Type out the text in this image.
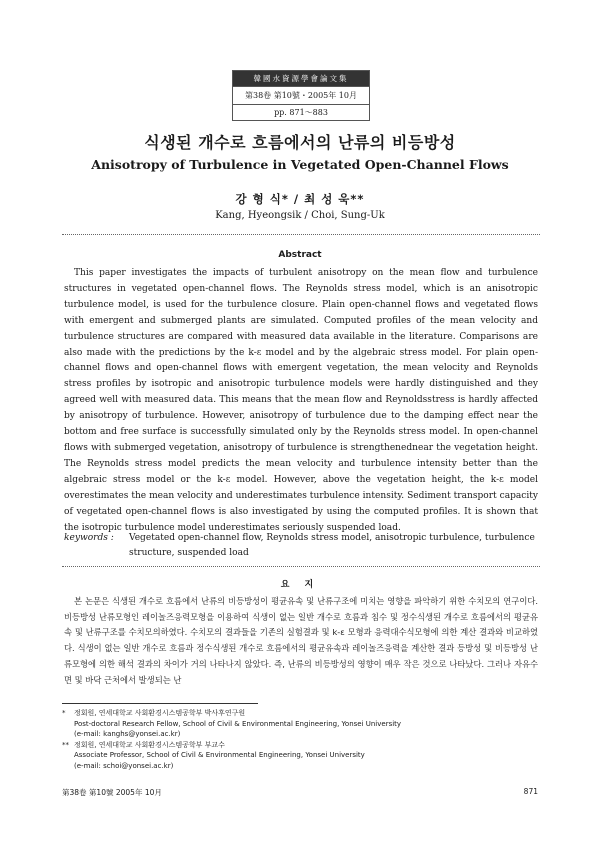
韓國水資源學會論文集
第38卷 第10號・2005年 10月
pp. 871～883
식생된 개수로 흐름에서의 난류의 비등방성
Anisotropy of Turbulence in Vegetated Open-Channel Flows
강 형 식* / 최 성 욱**
Kang, Hyeongsik / Choi, Sung-Uk
Abstract

This paper investigates the impacts of turbulent anisotropy on the mean flow and turbulence structures in vegetated open-channel flows. The Reynolds stress model, which is an anisotropic turbulence model, is used for the turbulence closure. Plain open-channel flows and vegetated flows with emergent and submerged plants are simulated. Computed profiles of the mean velocity and turbulence structures are compared with measured data available in the literature. Comparisons are also made with the predictions by the k-ε model and by the algebraic stress model. For plain open-channel flows and open-channel flows with emergent vegetation, the mean velocity and Reynolds stress profiles by isotropic and anisotropic turbulence models were hardly distinguished and they agreed well with measured data. This means that the mean flow and Reynoldsstress is hardly affected by anisotropy of turbulence. However, anisotropy of turbulence due to the damping effect near the bottom and free surface is successfully simulated only by the Reynolds stress model. In open-channel flows with submerged vegetation, anisotropy of turbulence is strengthenednear the vegetation height. The Reynolds stress model predicts the mean velocity and turbulence intensity better than the algebraic stress model or the k-ε model. However, above the vegetation height, the k-ε model overestimates the mean velocity and underestimates turbulence intensity. Sediment transport capacity of vegetated open-channel flows is also investigated by using the computed profiles. It is shown that the isotropic turbulence model underestimates seriously suspended load.

keywords : Vegetated open-channel flow, Reynolds stress model, anisotropic turbulence, turbulence structure, suspended load
요 지

본 논문은 식생된 개수로 흐름에서 난류의 비등방성이 평균유속 및 난류구조에 미치는 영향을 파악하기 위한 수치모의 연구이다. 비등방성 난류모형인 레이놀즈응력모형을 이용하여 식생이 없는 일반 개수로 흐름과 침수 및 정수식생된 개수로 흐름에서의 평균유속 및 난류구조를 수치모의하였다. 수치모의 결과들을 기존의 실험결과 및 k-ε 모형과 응력대수식모형에 의한 계산 결과와 비교하였다. 식생이 없는 일반 개수로 흐름과 정수식생된 개수로 흐름에서의 평균유속과 레이놀즈응력을 계산한 결과 등방성 및 비등방성 난류모형에 의한 해석 결과의 차이가 거의 나타나지 않았다. 즉, 난류의 비등방성의 영향이 매우 작은 것으로 나타났다. 그러나 자유수면 및 바닥 근처에서 발생되는 난

* 정회원, 연세대학교 사회환경시스템공학부 박사후연구원
Post-doctoral Research Fellow, School of Civil & Environmental Engineering, Yonsei University
(e-mail: kanghs@yonsei.ac.kr)
** 정회원, 연세대학교 사회환경시스템공학부 부교수
Associate Professor, School of Civil & Environmental Engineering, Yonsei University
(e-mail: schoi@yonsei.ac.kr)
第38卷 第10號 2005年 10月	871
